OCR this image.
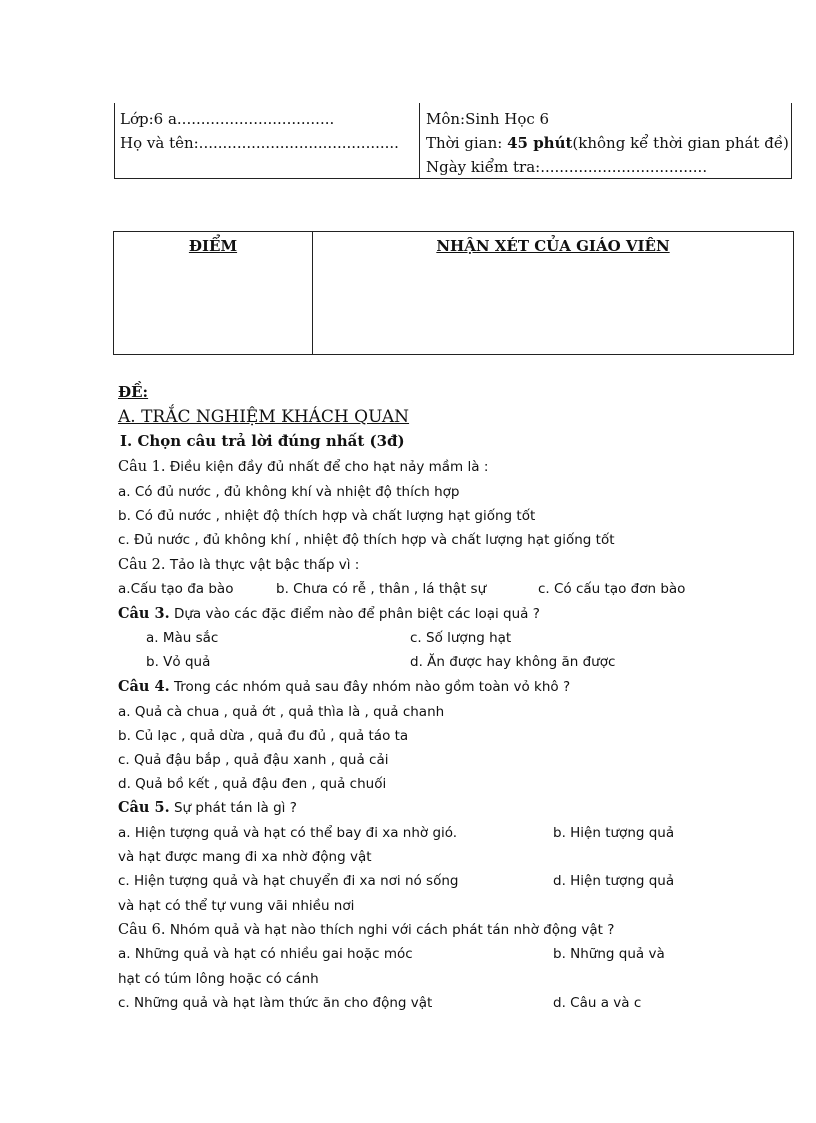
Lớp:6 a.................................
Họ và tên:..........................................
Môn:Sinh Học 6
Thời gian: 45 phút(không kể thời gian phát đề)
Ngày kiểm tra:...................................
ĐIỂM	NHẬN XÉT CỦA GIÁO VIÊN
ĐỀ:
A. TRẮC NGHIỆM KHÁCH QUAN
I. Chọn câu trả lời đúng nhất (3đ)
Câu 1. Điều kiện đầy đủ nhất để cho hạt nảy mầm là :
a. Có đủ nước , đủ không khí và nhiệt độ thích hợp
b. Có đủ nước , nhiệt độ thích hợp và chất lượng hạt giống tốt
c. Đủ nước , đủ không khí , nhiệt độ thích hợp và chất lượng hạt giống tốt
Câu 2. Tảo là thực vật bậc thấp vì :
a.Cấu tạo đa bào	b. Chưa có rễ , thân , lá thật sự	c. Có cấu tạo đơn bào
Câu 3. Dựa vào các đặc điểm nào để phân biệt các loại quả ?
a. Màu sắc	c. Số lượng hạt
b. Vỏ quả	d. Ăn được hay không ăn được
Câu 4. Trong các nhóm quả sau đây nhóm nào gồm toàn vỏ khô ?
a. Quả cà chua , quả ớt , quả thìa là , quả chanh
b. Củ lạc , quả dừa , quả đu đủ , quả táo ta
c. Quả đậu bắp , quả đậu xanh , quả cải
d. Quả bồ kết , quả đậu đen , quả chuối
Câu 5. Sự phát tán là gì ?
a. Hiện tượng quả và hạt có thể bay đi xa nhờ gió.	b. Hiện tượng quả
và hạt được mang đi xa nhờ động vật
c. Hiện tượng quả và hạt chuyển đi xa nơi nó sống	d. Hiện tượng quả
và hạt có thể tự vung vãi nhiều nơi
Câu 6. Nhóm quả và hạt nào thích nghi với cách phát tán nhờ động vật ?
a. Những quả và hạt có nhiều gai hoặc móc	b. Những quả và
hạt có túm lông hoặc có cánh
c. Những quả và hạt làm thức ăn cho động vật	d. Câu a và c
